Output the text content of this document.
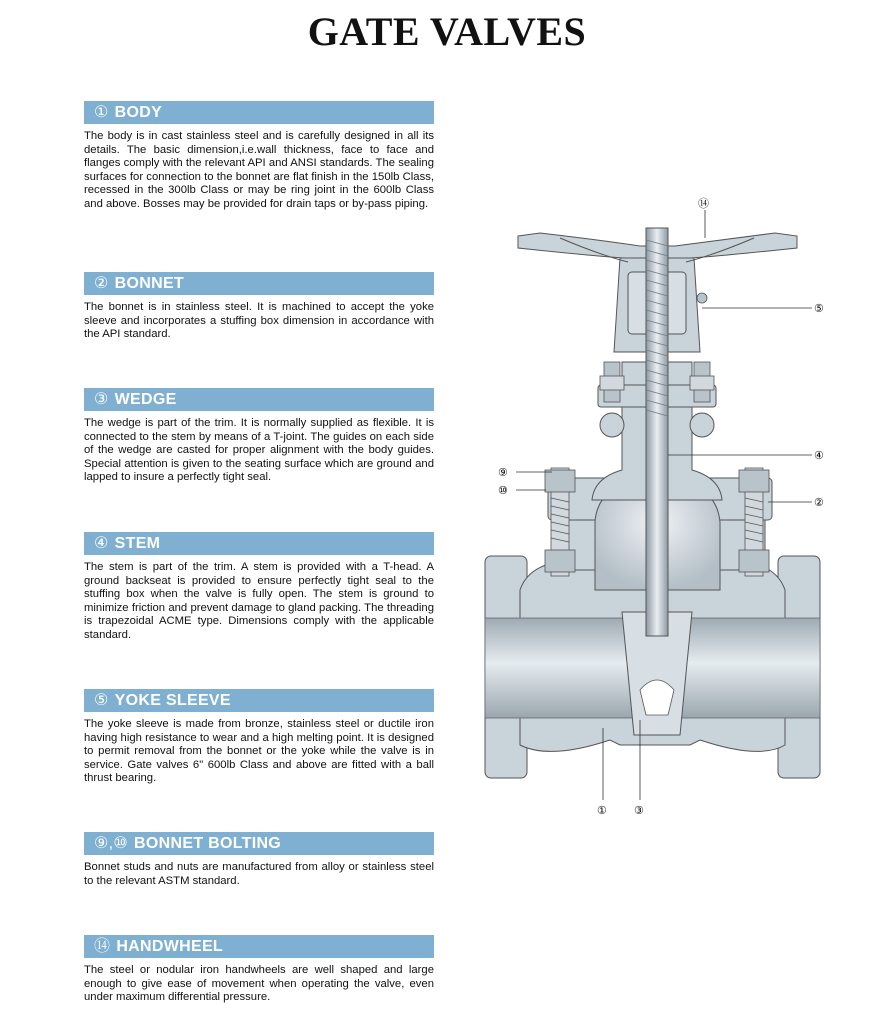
GATE VALVES
① BODY
The body is in cast stainless steel and is carefully designed in all its details. The basic dimension,i.e.wall thickness, face to face and flanges comply with the relevant API and ANSI standards. The sealing surfaces for connection to the bonnet are flat finish in the 150lb Class, recessed in the 300lb Class or may be ring joint in the 600lb Class and above. Bosses may be provided for drain taps or by-pass piping.
② BONNET
The bonnet is in stainless steel. It is machined to accept the yoke sleeve and incorporates a stuffing box dimension in accordance with the API standard.
③ WEDGE
The wedge is part of the trim. It is normally supplied as flexible. It is connected to the stem by means of a T-joint. The guides on each side of the wedge are casted for proper alignment with the body guides. Special attention is given to the seating surface which are ground and lapped to insure a perfectly tight seal.
④ STEM
The stem is part of the trim. A stem is provided with a T-head. A ground backseat is provided to ensure perfectly tight seal to the stuffing box when the valve is fully open. The stem is ground to minimize friction and prevent damage to gland packing. The threading is trapezoidal ACME type. Dimensions comply with the applicable standard.
⑤ YOKE SLEEVE
The yoke sleeve is made from bronze, stainless steel or ductile iron having high resistance to wear and a high melting point. It is designed to permit removal from the bonnet or the yoke while the valve is in service. Gate valves 6" 600lb Class and above are fitted with a ball thrust bearing.
⑨,⑩ BONNET BOLTING
Bonnet studs and nuts are manufactured from alloy or stainless steel to the relevant ASTM standard.
⑭ HANDWHEEL
The steel or nodular iron handwheels are well shaped and large enough to give ease of movement when operating the valve, even under maximum differential pressure.
⑭
⑤
④
⑨
⑩
②
① ③
